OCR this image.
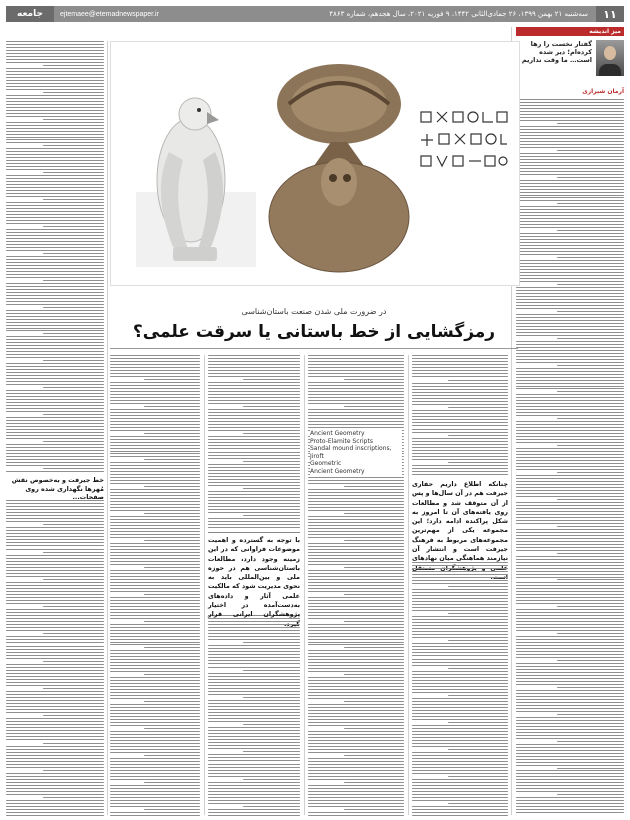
۱۱
سه‌شنبه ۲۱ بهمن ۱۳۹۹، ۲۶ جمادی‌الثانی ۱۴۴۲، ۹ فوریه ۲۰۲۱، سال هجدهم، شماره ۴۸۶۳
ejtemaee@etemadnewspaper.ir
جامعه
میز اندیشه
گفتار نخست را رها کرده‌ام؛ دیر شده است… ما وقت نداریم
آرمان شیرازی
خط جیرفت و به‌خصوص نقش مُهر‌ها نگهداری شده روی صفحات...
در ضرورت ملی شدن صنعت باستان‌شناسی
رمزگشایی از خط باستانی یا سرقت علمی؟
چنانکه اطلاع داریم حفاری جیرفت هم در آن سال‌ها و پس از آن متوقف شد و مطالعات روی یافته‌های آن تا امروز به شکل پراکنده ادامه دارد؛ این مجموعه یکی از مهم‌ترین مجموعه‌های مربوط به فرهنگ جیرفت است و انتشار آن نیازمند هماهنگی میان نهادهای علمی و پژوهشگران مستقل است.
با توجه به گسترده و اهمیت موضوعات فراوانی که در این زمینه وجود دارد، مطالعات باستان‌شناسی هم در حوزه ملی و بین‌المللی باید به نحوی مدیریت شود که مالکیت علمی آثار و داده‌های به‌دست‌آمده در اختیار پژوهشگران ایرانی قرار گیرد.
Ancient Geometry
Proto-Elamite Scripts
Sandal mound inscriptions, Jiroft
Geometric
Ancient Geometry
